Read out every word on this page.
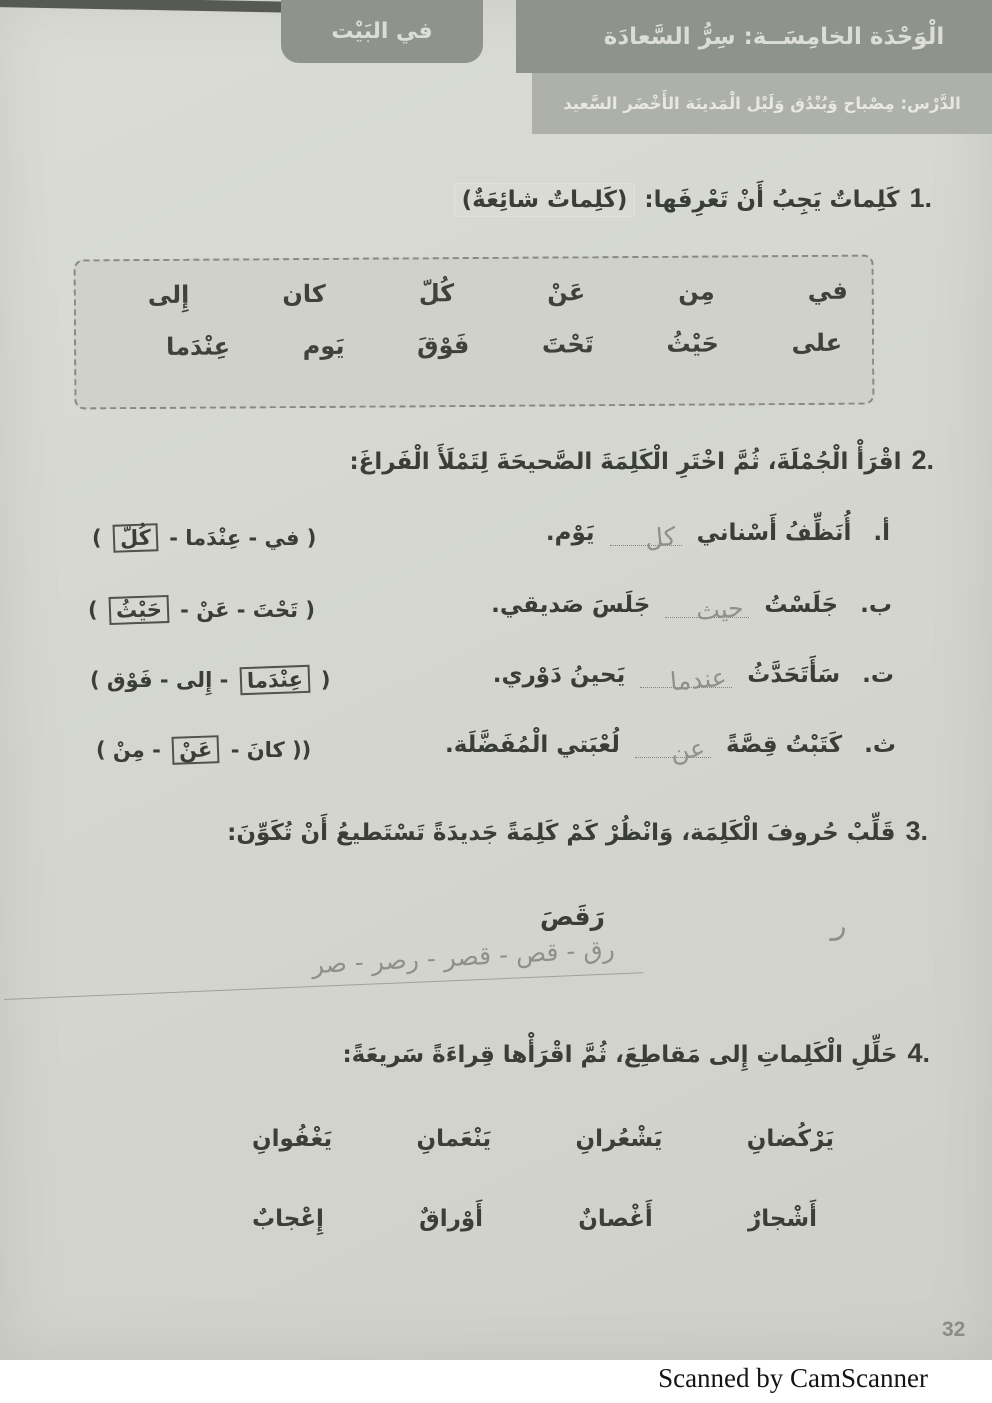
في البَيْت	الْوَحْدَة الخامِسَــة: سِرُّ السَّعادَة
الدَّرْس: مِصْباح وَبُنْدُق وَلَيْل الْمَدينَة الأَخْضَر السَّعيد
1.
كَلِماتٌ يَجِبُ أَنْ تَعْرِفَها:
(كَلِماتٌ شائِعَةٌ)
في
مِن
عَنْ
كُلّ
كان
إِلى
على
حَيْثُ
تَحْتَ
فَوْقَ
يَوم
عِنْدَما
2.
اقْرَأْ الْجُمْلَةَ، ثُمَّ اخْتَرِ الْكَلِمَةَ الصَّحيحَةَ لِتَمْلَأَ الْفَراغَ:
أ. أُنَظِّفُ أَسْناني
كل
يَوْم.
( في - عِنْدَما - كُلّ )
ب. جَلَسْتُ
حيث
جَلَسَ صَديقي.
( تَحْتَ - عَنْ - حَيْثُ )
ت. سَأَتَحَدَّثُ
عندما
يَحينُ دَوْري.
( عِنْدَما - إِلى - فَوْق )
ث. كَتَبْتُ قِصَّةً
عن
لُعْبَتي الْمُفَضَّلَة.
(( كانَ - عَنْ - مِنْ )
3.
قَلِّبْ حُروفَ الْكَلِمَة، وَانْظُرْ كَمْ كَلِمَةً جَديدَةً تَسْتَطيعُ أَنْ تُكَوِّنَ:
رَقَصَ	ر
رق - قص - قصر - رصر - صر
4.
حَلِّلِ الْكَلِماتِ إِلى مَقاطِعَ، ثُمَّ اقْرَأْها قِراءَةً سَريعَةً:
يَرْكُضانِ
يَشْعُرانِ
يَنْعَمانِ
يَغْفُوانِ
أَشْجارٌ
أَغْصانٌ
أَوْراقٌ
إِعْجابٌ
32
Scanned by CamScanner
